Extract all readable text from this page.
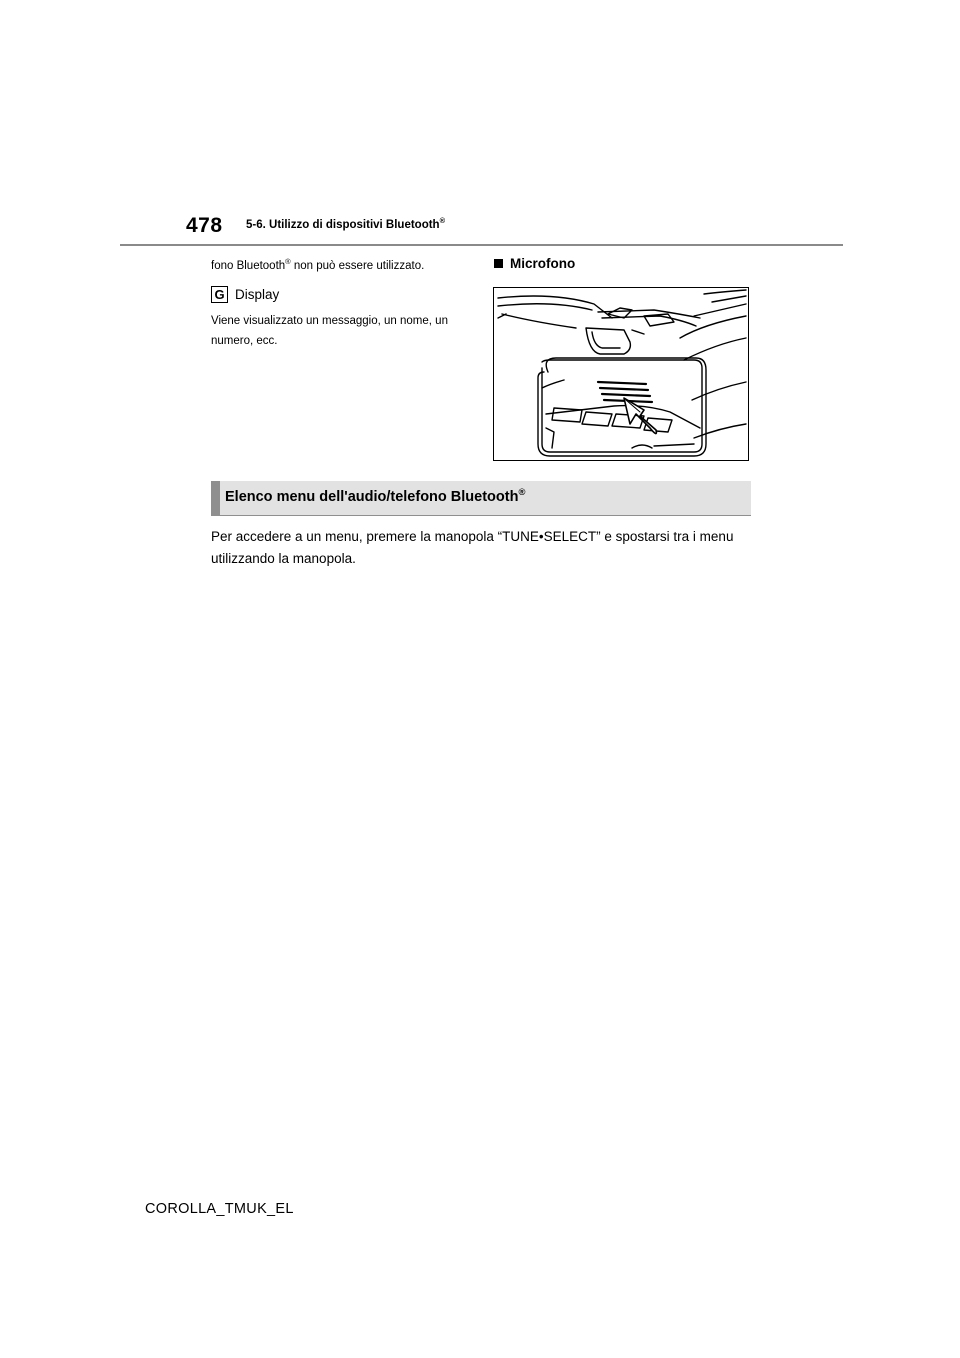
478 5-6. Utilizzo di dispositivi Bluetooth®
fono Bluetooth® non può essere utilizzato.
G Display
Viene visualizzato un messaggio, un nome, un numero, ecc.
Microfono
Elenco menu dell'audio/telefono Bluetooth®
Per accedere a un menu, premere la manopola “TUNE•SELECT” e spostarsi tra i menu utilizzando la manopola.
COROLLA_TMUK_EL
